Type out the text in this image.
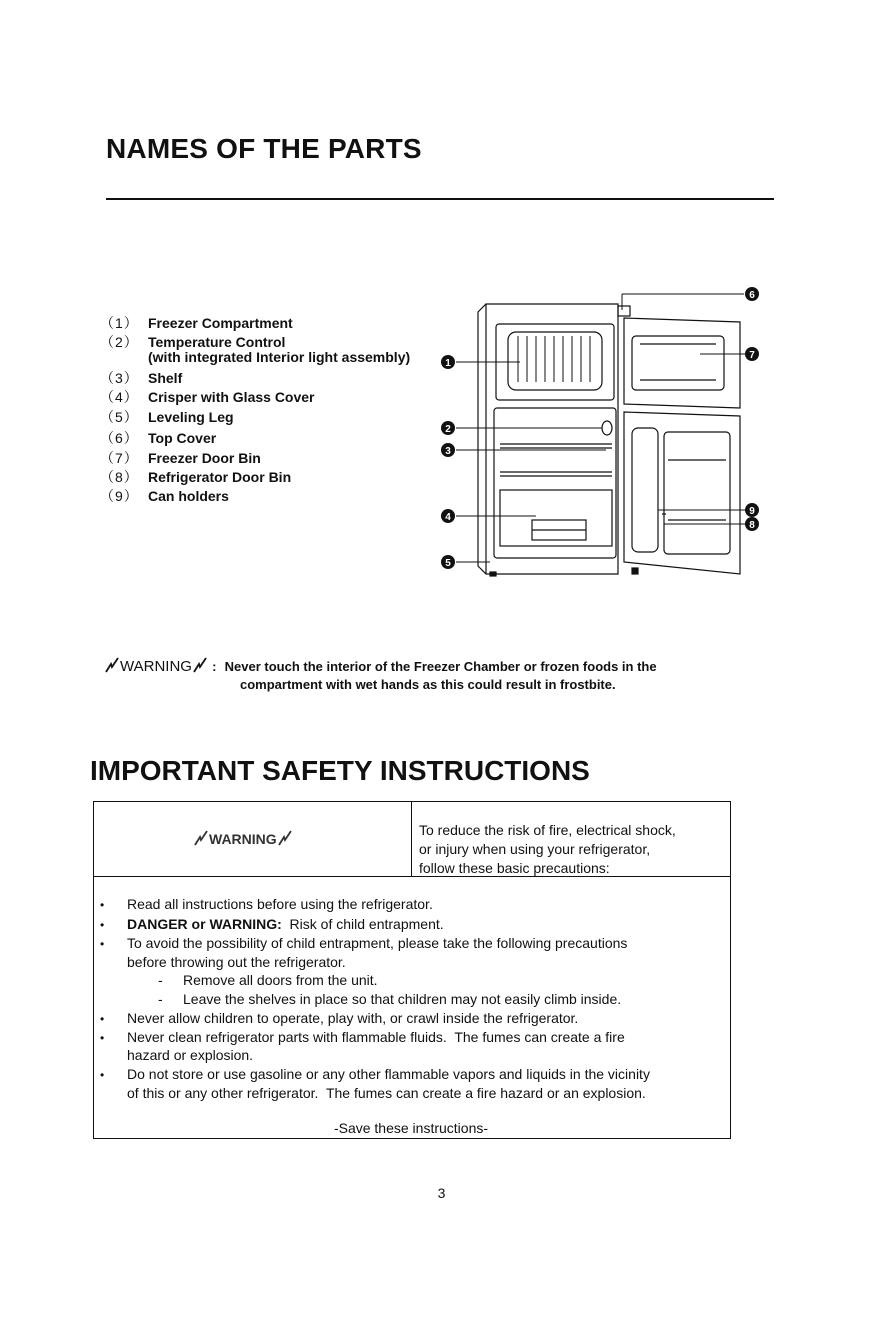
NAMES OF THE PARTS
（1） Freezer Compartment
（2） Temperature Control
(with integrated Interior light assembly)
（3） Shelf
（4） Crisper with Glass Cover
（5） Leveling Leg
（6） Top Cover
（7） Freezer Door Bin
（8） Refrigerator Door Bin
（9） Can holders
1
2
3
4
5
6
7
8
9
WARNING : Never touch the interior of the Freezer Chamber or frozen foods in the
compartment with wet hands as this could result in frostbite.
IMPORTANT SAFETY INSTRUCTIONS
WARNING
To reduce the risk of fire, electrical shock,
or injury when using your refrigerator,
follow these basic precautions:
• Read all instructions before using the refrigerator.
• DANGER or WARNING:  Risk of child entrapment.
• To avoid the possibility of child entrapment, please take the following precautions
before throwing out the refrigerator.
- Remove all doors from the unit.
- Leave the shelves in place so that children may not easily climb inside.
• Never allow children to operate, play with, or crawl inside the refrigerator.
• Never clean refrigerator parts with flammable fluids.  The fumes can create a fire
hazard or explosion.
• Do not store or use gasoline or any other flammable vapors and liquids in the vicinity
of this or any other refrigerator.  The fumes can create a fire hazard or an explosion.
-Save these instructions-
3
